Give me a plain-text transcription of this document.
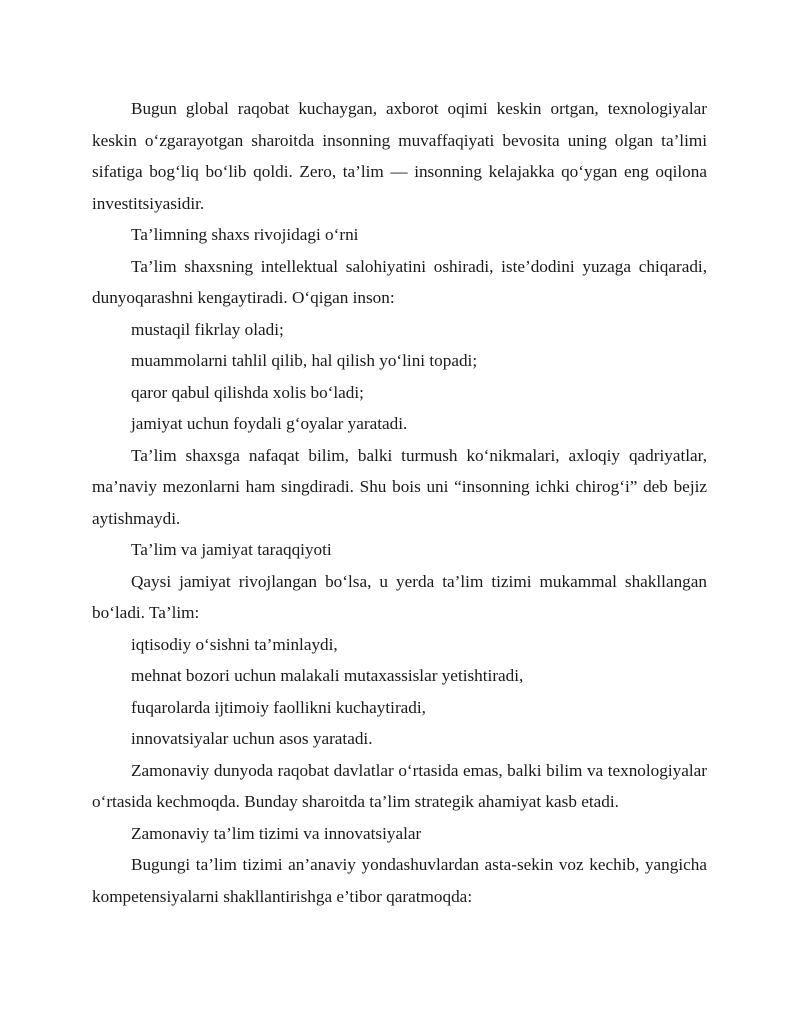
Bugun global raqobat kuchaygan, axborot oqimi keskin ortgan, texnologiyalar keskin o‘zgarayotgan sharoitda insonning muvaffaqiyati bevosita uning olgan ta’limi sifatiga bog‘liq bo‘lib qoldi. Zero, ta’lim — insonning kelajakka qo‘ygan eng oqilona investitsiyasidir.

Ta’limning shaxs rivojidagi o‘rni

Ta’lim shaxsning intellektual salohiyatini oshiradi, iste’dodini yuzaga chiqaradi, dunyoqarashni kengaytiradi. O‘qigan inson:

mustaqil fikrlay oladi;

muammolarni tahlil qilib, hal qilish yo‘lini topadi;

qaror qabul qilishda xolis bo‘ladi;

jamiyat uchun foydali g‘oyalar yaratadi.

Ta’lim shaxsga nafaqat bilim, balki turmush ko‘nikmalari, axloqiy qadriyatlar, ma’naviy mezonlarni ham singdiradi. Shu bois uni “insonning ichki chirog‘i” deb bejiz aytishmaydi.

Ta’lim va jamiyat taraqqiyoti

Qaysi jamiyat rivojlangan bo‘lsa, u yerda ta’lim tizimi mukammal shakllangan bo‘ladi. Ta’lim:

iqtisodiy o‘sishni ta’minlaydi,

mehnat bozori uchun malakali mutaxassislar yetishtiradi,

fuqarolarda ijtimoiy faollikni kuchaytiradi,

innovatsiyalar uchun asos yaratadi.

Zamonaviy dunyoda raqobat davlatlar o‘rtasida emas, balki bilim va texnologiyalar o‘rtasida kechmoqda. Bunday sharoitda ta’lim strategik ahamiyat kasb etadi.

Zamonaviy ta’lim tizimi va innovatsiyalar

Bugungi ta’lim tizimi an’anaviy yondashuvlardan asta-sekin voz kechib, yangicha kompetensiyalarni shakllantirishga e’tibor qaratmoqda:
